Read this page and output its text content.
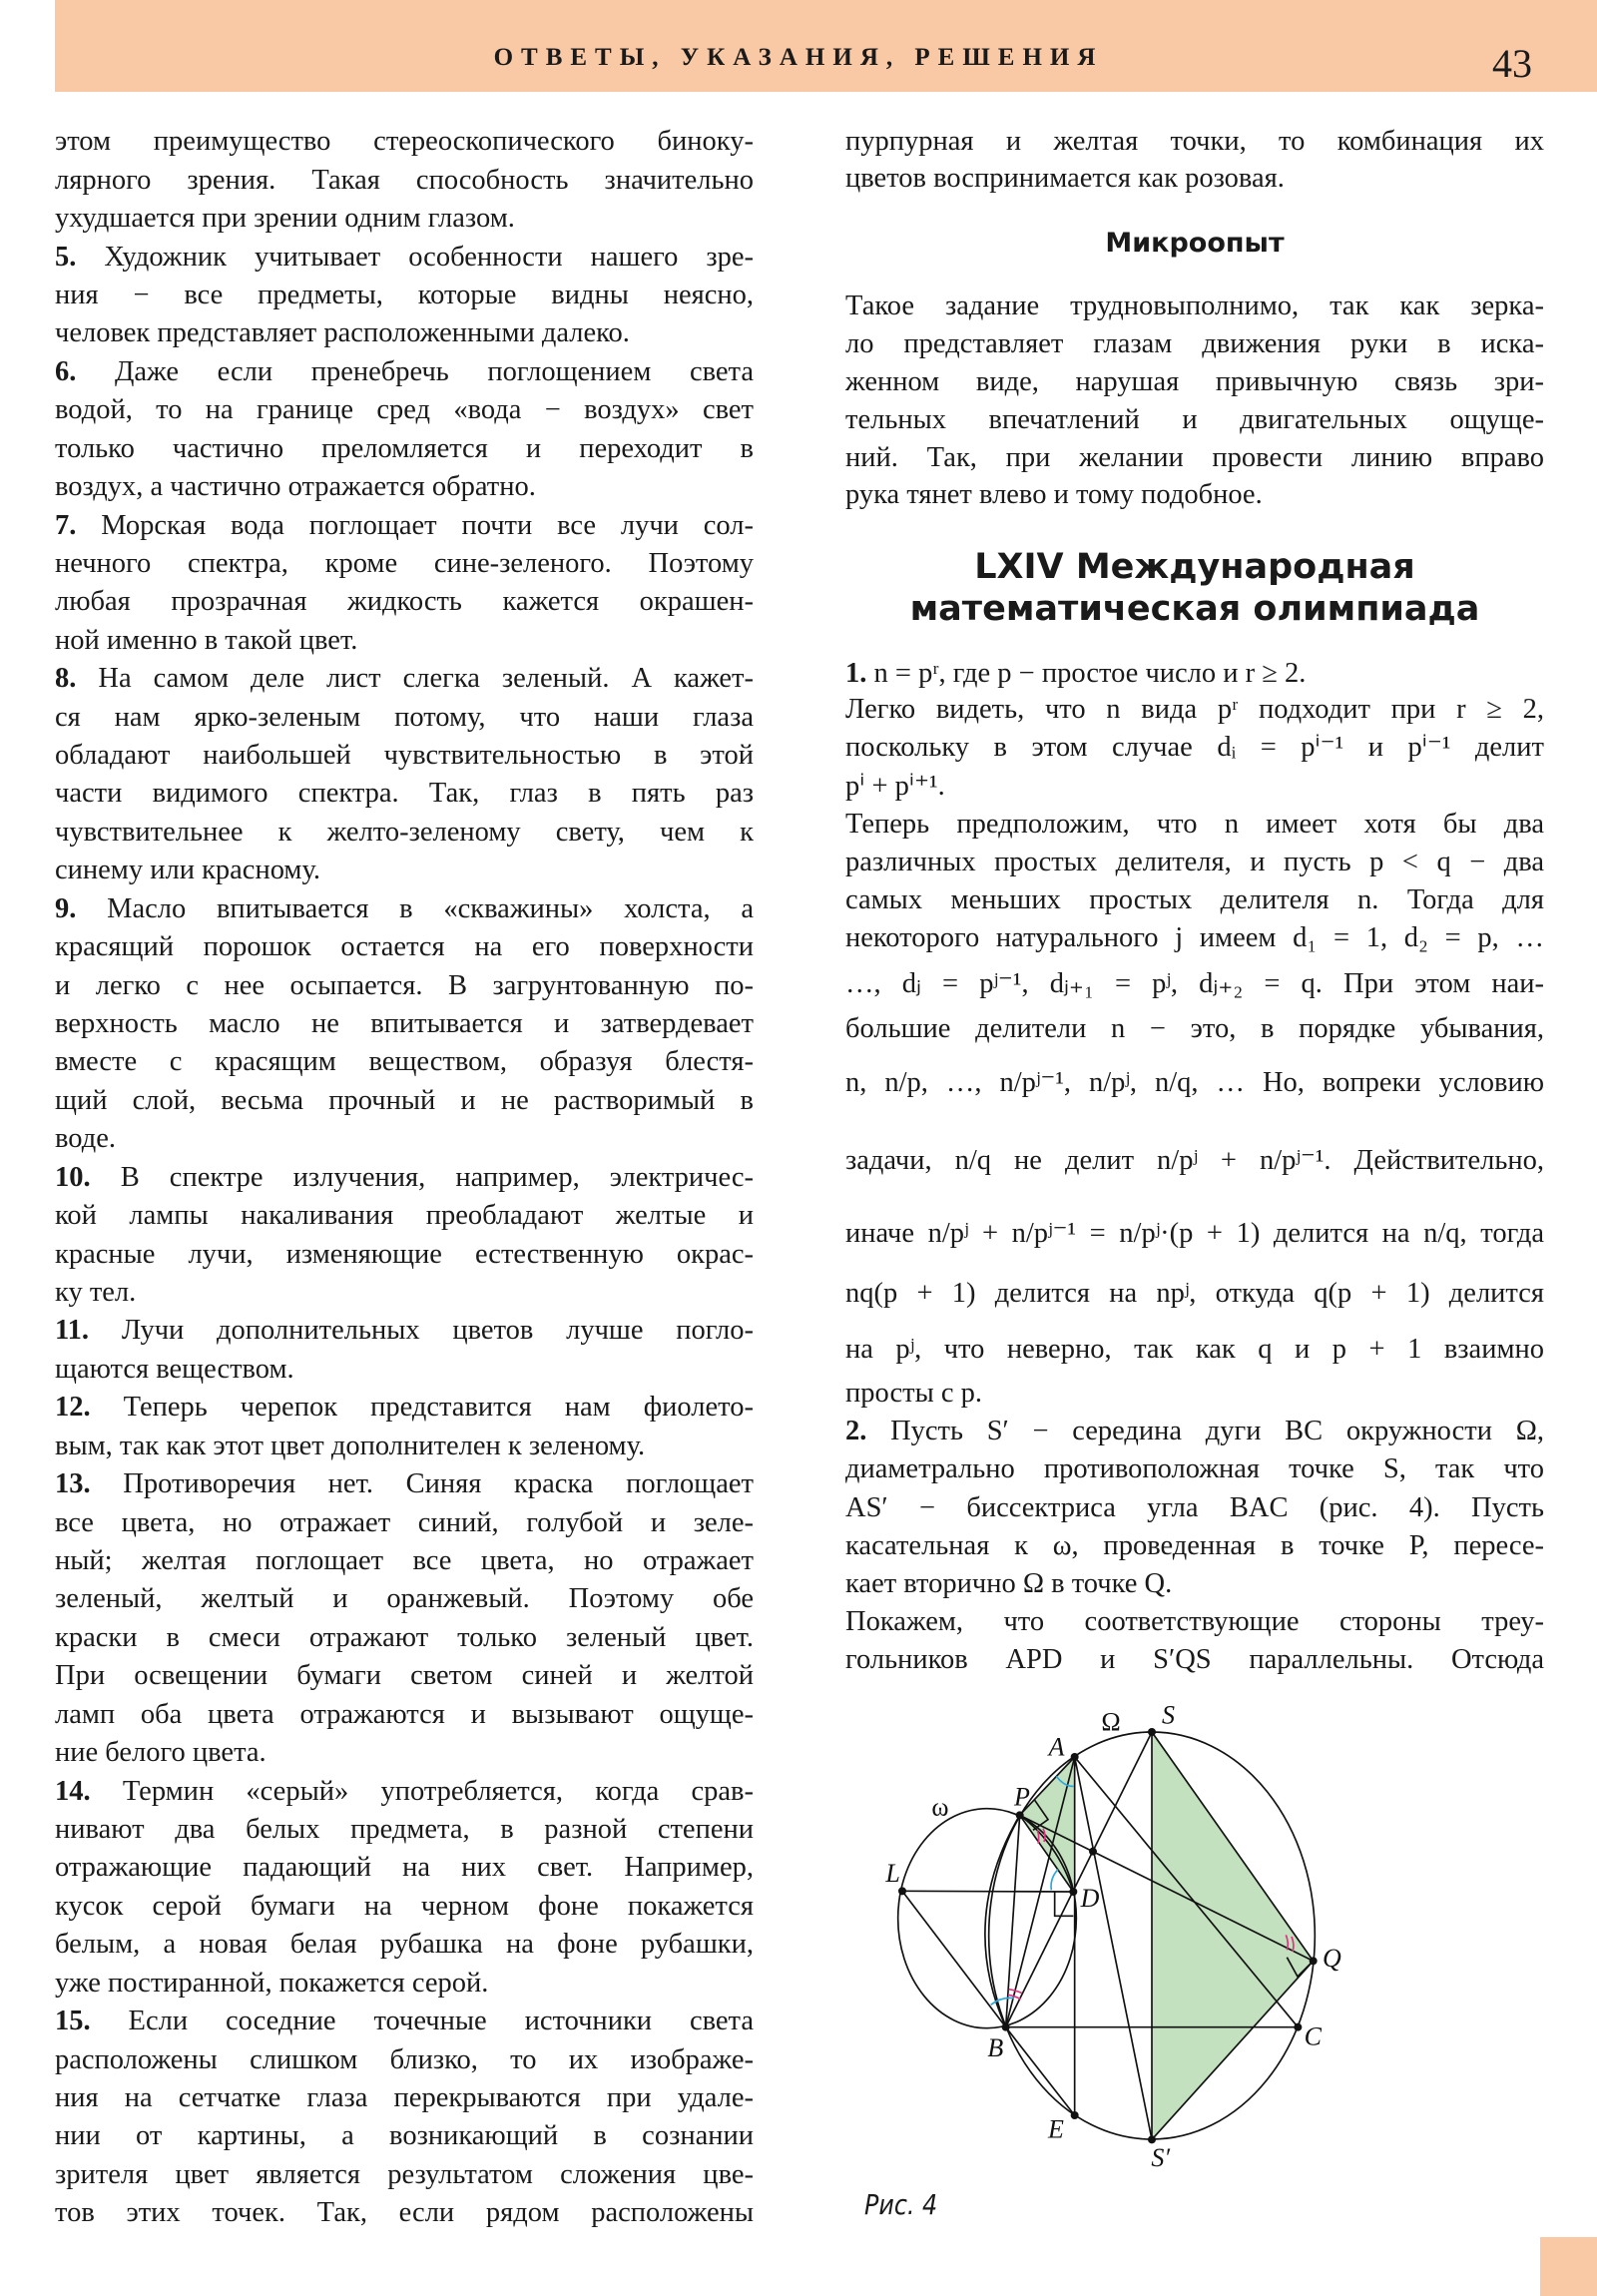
ОТВЕТЫ, УКАЗАНИЯ, РЕШЕНИЯ	43
этом преимущество стереоскопического биноку-
лярного зрения. Такая способность значительно
ухудшается при зрении одним глазом.
5. Художник учитывает особенности нашего зре-
ния − все предметы, которые видны неясно,
человек представляет расположенными далеко.
6. Даже если пренебречь поглощением света
водой, то на границе сред «вода − воздух» свет
только частично преломляется и переходит в
воздух, а частично отражается обратно.
7. Морская вода поглощает почти все лучи сол-
нечного спектра, кроме сине-зеленого. Поэтому
любая прозрачная жидкость кажется окрашен-
ной именно в такой цвет.
8. На самом деле лист слегка зеленый. А кажет-
ся нам ярко-зеленым потому, что наши глаза
обладают наибольшей чувствительностью в этой
части видимого спектра. Так, глаз в пять раз
чувствительнее к желто-зеленому свету, чем к
синему или красному.
9. Масло впитывается в «скважины» холста, а
красящий порошок остается на его поверхности
и легко с нее осыпается. В загрунтованную по-
верхность масло не впитывается и затвердевает
вместе с красящим веществом, образуя блестя-
щий слой, весьма прочный и не растворимый в
воде.
10. В спектре излучения, например, электричес-
кой лампы накаливания преобладают желтые и
красные лучи, изменяющие естественную окрас-
ку тел.
11. Лучи дополнительных цветов лучше погло-
щаются веществом.
12. Теперь черепок представится нам фиолето-
вым, так как этот цвет дополнителен к зеленому.
13. Противоречия нет. Синяя краска поглощает
все цвета, но отражает синий, голубой и зеле-
ный; желтая поглощает все цвета, но отражает
зеленый, желтый и оранжевый. Поэтому обе
краски в смеси отражают только зеленый цвет.
При освещении бумаги светом синей и желтой
ламп оба цвета отражаются и вызывают ощуще-
ние белого цвета.
14. Термин «серый» употребляется, когда срав-
нивают два белых предмета, в разной степени
отражающие падающий на них свет. Например,
кусок серой бумаги на черном фоне покажется
белым, а новая белая рубашка на фоне рубашки,
уже постиранной, покажется серой.
15. Если соседние точечные источники света
расположены слишком близко, то их изображе-
ния на сетчатке глаза перекрываются при удале-
нии от картины, а возникающий в сознании
зрителя цвет является результатом сложения цве-
тов этих точек. Так, если рядом расположены
пурпурная и желтая точки, то комбинация их
цветов воспринимается как розовая.
Такое задание трудновыполнимо, так как зерка-
ло представляет глазам движения руки в иска-
женном виде, нарушая привычную связь зри-
тельных впечатлений и двигательных ощуще-
ний. Так, при желании провести линию вправо
рука тянет влево и тому подобное.
1. n = pʳ, где p − простое число и r ≥ 2.
Легко видеть, что n вида pʳ подходит при r ≥ 2,
поскольку в этом случае dᵢ = pⁱ⁻¹ и pⁱ⁻¹ делит
pⁱ + pⁱ⁺¹.
Теперь предположим, что n имеет хотя бы два
различных простых делителя, и пусть p < q − два
самых меньших простых делителя n. Тогда для
некоторого натурального j имеем d₁ = 1, d₂ = p, …
…, dⱼ = pʲ⁻¹, dⱼ₊₁ = pʲ, dⱼ₊₂ = q. При этом наи-
большие делители n − это, в порядке убывания,
n, n/p, …, n/pʲ⁻¹, n/pʲ, n/q, … Но, вопреки условию
задачи, n/q не делит n/pʲ + n/pʲ⁻¹. Действительно,
иначе n/pʲ + n/pʲ⁻¹ = n/pʲ·(p + 1) делится на n/q, тогда
nq(p + 1) делится на npʲ, откуда q(p + 1) делится
на pʲ, что неверно, так как q и p + 1 взаимно
просты с p.
2. Пусть S′ − середина дуги BC окружности Ω,
диаметрально противоположная точке S, так что
AS′ − биссектриса угла BAC (рис. 4). Пусть
касательная к ω, проведенная в точке P, пересе-
кает вторично Ω в точке Q.
Покажем, что соответствующие стороны треу-
гольников APD и S′QS параллельны. Отсюда
Микроопыт
LXIV Международная
математическая олимпиада
S
A
P
D
L
B	C
Q
E
S′
Ω
ω
Рис. 4
